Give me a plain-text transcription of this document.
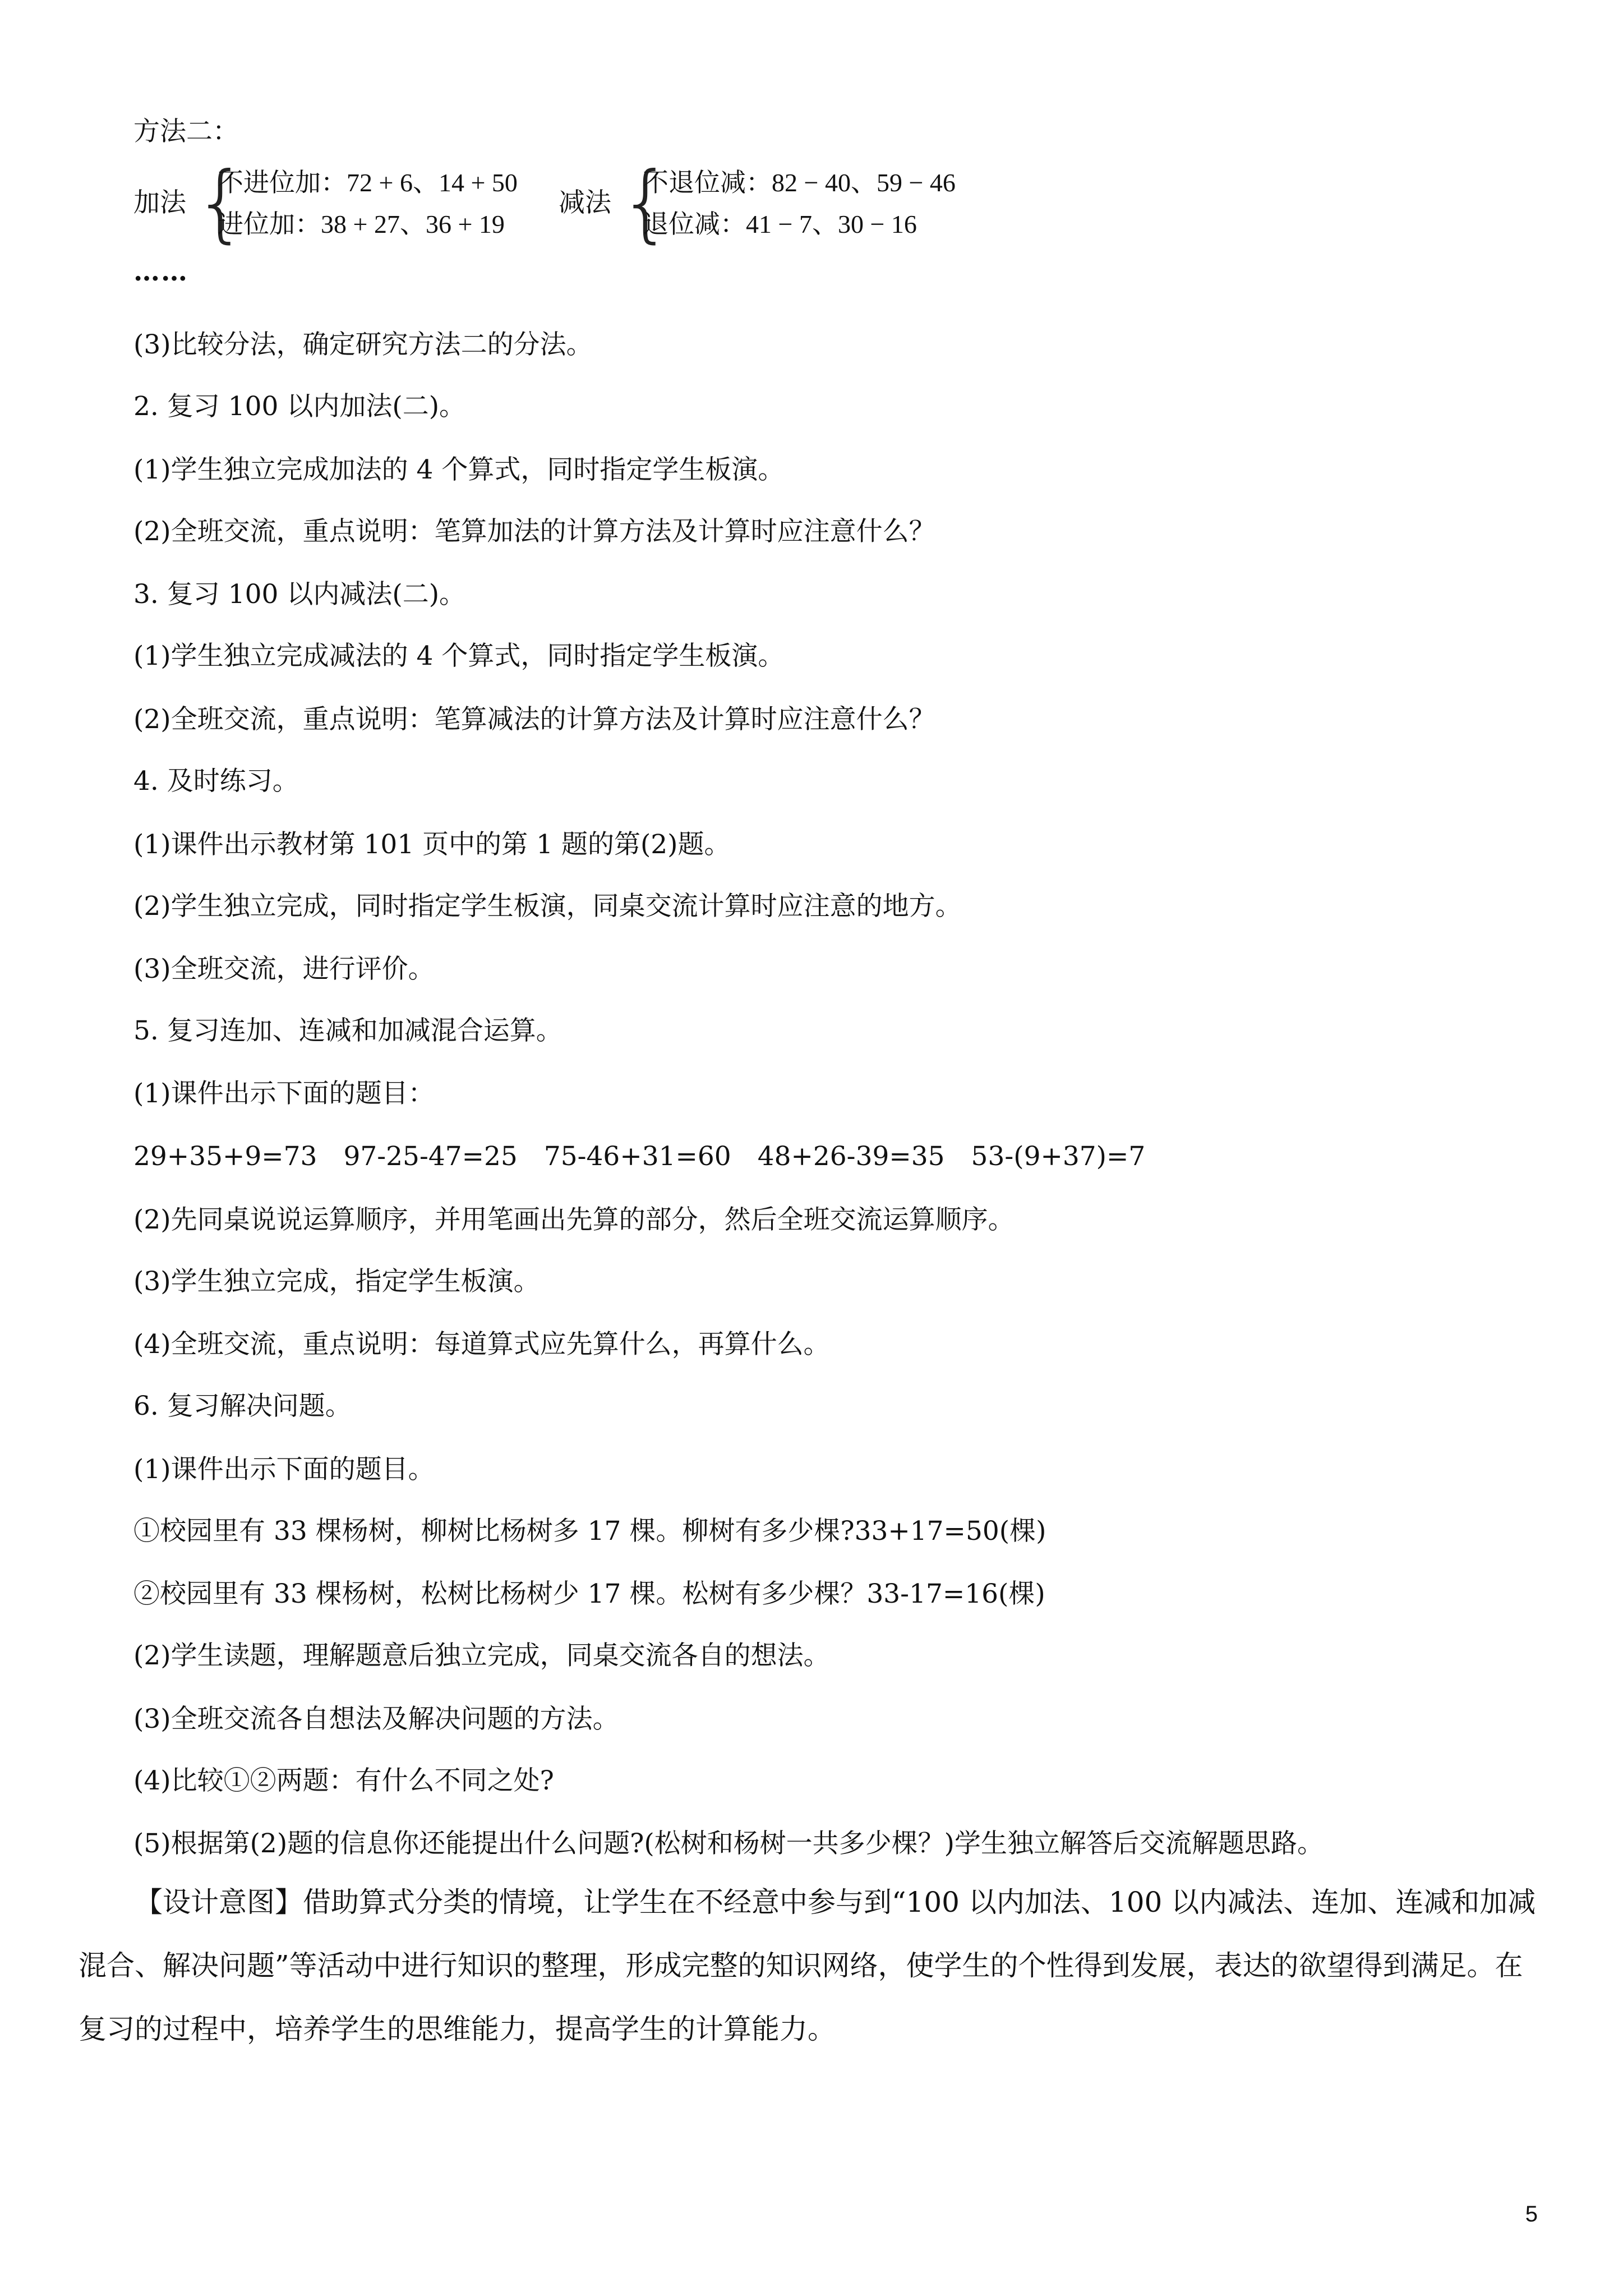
方法二：
加法 {
不进位加：72 + 6、14 + 50
进位加：38 + 27、36 + 19
减法 {
不退位减：82 − 40、59 − 46
退位减：41 − 7、30 − 16
……
(3)比较分法，确定研究方法二的分法。
2. 复习 100 以内加法(二)。
(1)学生独立完成加法的 4 个算式，同时指定学生板演。
(2)全班交流，重点说明：笔算加法的计算方法及计算时应注意什么？
3. 复习 100 以内减法(二)。
(1)学生独立完成减法的 4 个算式，同时指定学生板演。
(2)全班交流，重点说明：笔算减法的计算方法及计算时应注意什么？
4. 及时练习。
(1)课件出示教材第 101 页中的第 1 题的第(2)题。
(2)学生独立完成，同时指定学生板演，同桌交流计算时应注意的地方。
(3)全班交流，进行评价。
5. 复习连加、连减和加减混合运算。
(1)课件出示下面的题目：
29+35+9=73　97-25-47=25　75-46+31=60　48+26-39=35　53-(9+37)=7
(2)先同桌说说运算顺序，并用笔画出先算的部分，然后全班交流运算顺序。
(3)学生独立完成，指定学生板演。
(4)全班交流，重点说明：每道算式应先算什么，再算什么。
6. 复习解决问题。
(1)课件出示下面的题目。
①校园里有 33 棵杨树，柳树比杨树多 17 棵。柳树有多少棵?33+17=50(棵)
②校园里有 33 棵杨树，松树比杨树少 17 棵。松树有多少棵？33-17=16(棵)
(2)学生读题，理解题意后独立完成，同桌交流各自的想法。
(3)全班交流各自想法及解决问题的方法。
(4)比较①②两题：有什么不同之处?
(5)根据第(2)题的信息你还能提出什么问题?(松树和杨树一共多少棵？)学生独立解答后交流解题思路。
【设计意图】借助算式分类的情境，让学生在不经意中参与到“100 以内加法、100 以内减法、连加、连减和加减混合、解决问题”等活动中进行知识的整理，形成完整的知识网络，使学生的个性得到发展，表达的欲望得到满足。在复习的过程中，培养学生的思维能力，提高学生的计算能力。
5
